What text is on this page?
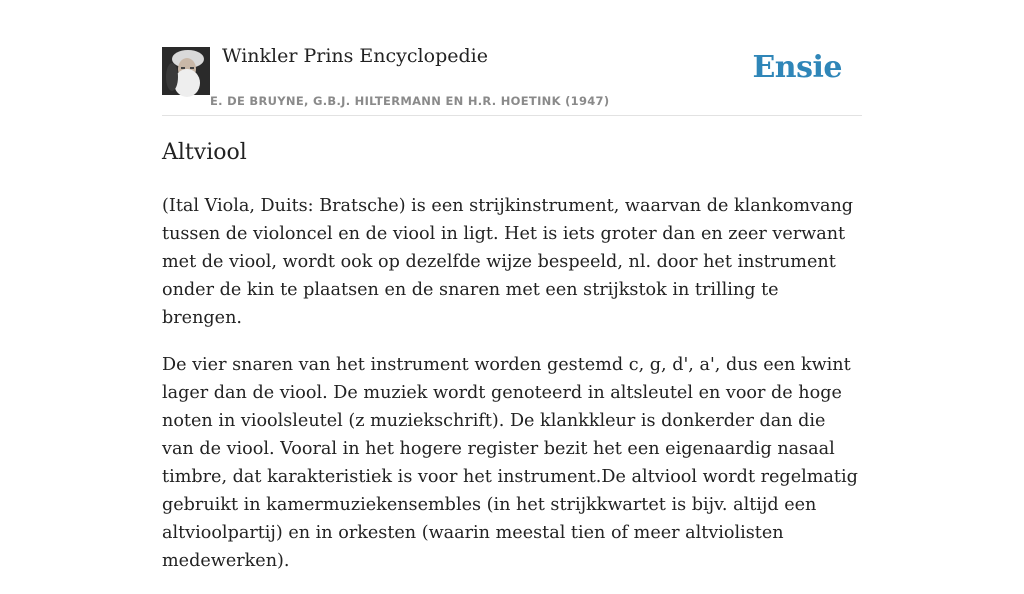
Winkler Prins Encyclopedie
E. DE BRUYNE, G.B.J. HILTERMANN EN H.R. HOETINK (1947)
Ensie
Altviool

(Ital Viola, Duits: Bratsche) is een strijkinstrument, waarvan de klankomvang tussen de violoncel en de viool in ligt. Het is iets groter dan en zeer verwant met de viool, wordt ook op dezelfde wijze bespeeld, nl. door het instrument onder de kin te plaatsen en de snaren met een strijkstok in trilling te brengen.

De vier snaren van het instrument worden gestemd c, g, d', a', dus een kwint lager dan de viool. De muziek wordt genoteerd in altsleutel en voor de hoge noten in vioolsleutel (z muziekschrift). De klankkleur is donkerder dan die van de viool. Vooral in het hogere register bezit het een eigenaardig nasaal timbre, dat karakteristiek is voor het instrument.De altviool wordt regelmatig gebruikt in kamermuziekensembles (in het strijkkwartet is bijv. altijd een altvioolpartij) en in orkesten (waarin meestal tien of meer altviolisten medewerken).
